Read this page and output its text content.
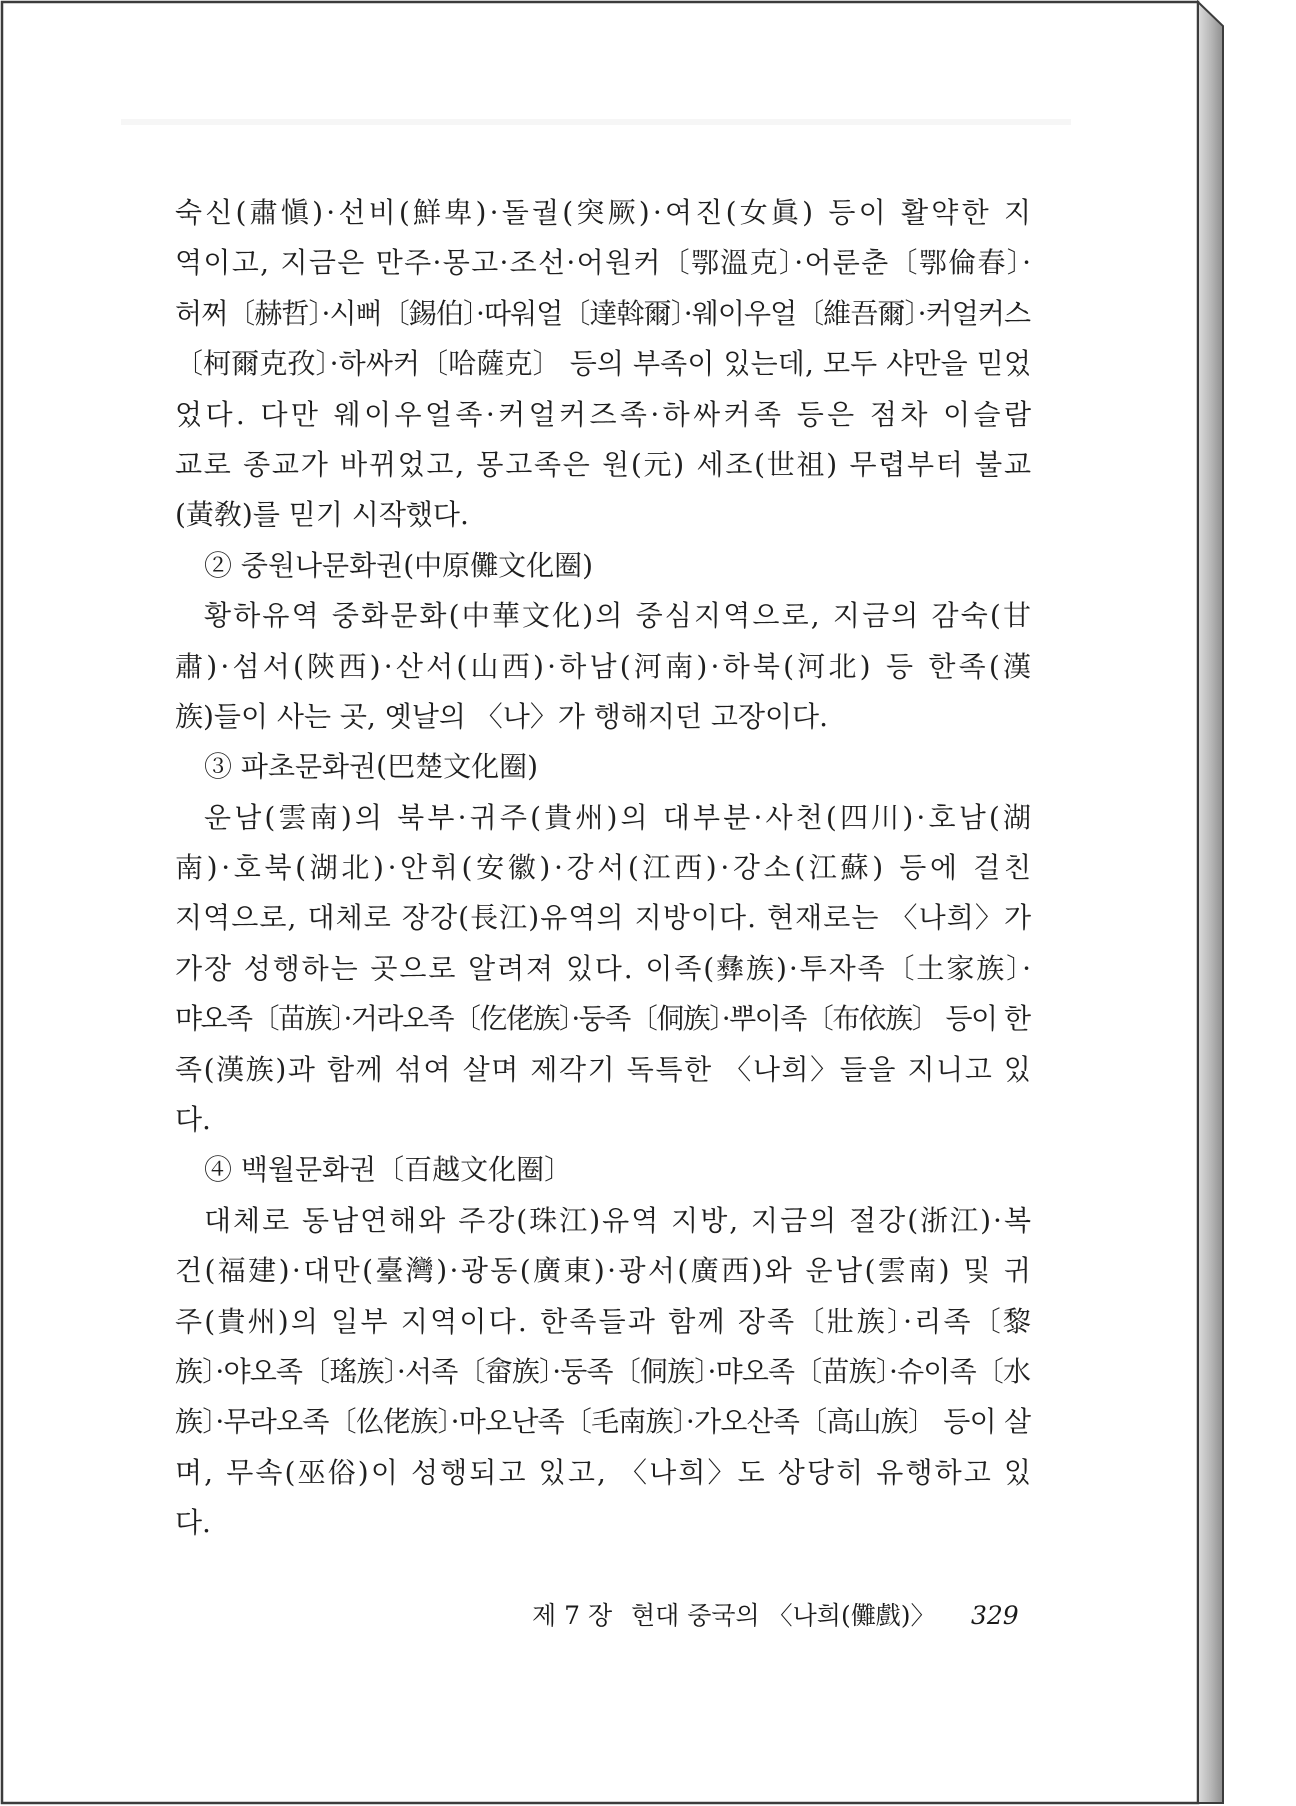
숙신(肅愼)·선비(鮮卑)·돌궐(突厥)·여진(女眞) 등이 활약한 지
역이고, 지금은 만주·몽고·조선·어원커〔鄂溫克〕·어룬춘〔鄂倫春〕·
허쩌〔赫哲〕·시뻐〔錫伯〕·따워얼〔達斡爾〕·웨이우얼〔維吾爾〕·커얼커스
〔柯爾克孜〕·하싸커〔哈薩克〕 등의 부족이 있는데, 모두 샤만을 믿었
었다. 다만 웨이우얼족·커얼커즈족·하싸커족 등은 점차 이슬람
교로 종교가 바뀌었고, 몽고족은 원(元) 세조(世祖) 무렵부터 불교
(黃敎)를 믿기 시작했다.
② 중원나문화권(中原儺文化圈)
황하유역 중화문화(中華文化)의 중심지역으로, 지금의 감숙(甘
肅)·섬서(陝西)·산서(山西)·하남(河南)·하북(河北) 등 한족(漢
族)들이 사는 곳, 옛날의 〈나〉가 행해지던 고장이다.
③ 파초문화권(巴楚文化圈)
운남(雲南)의 북부·귀주(貴州)의 대부분·사천(四川)·호남(湖
南)·호북(湖北)·안휘(安徽)·강서(江西)·강소(江蘇) 등에 걸친
지역으로, 대체로 장강(長江)유역의 지방이다. 현재로는 〈나희〉가
가장 성행하는 곳으로 알려져 있다. 이족(彝族)·투자족〔土家族〕·
먀오족〔苗族〕·거라오족〔仡佬族〕·둥족〔侗族〕·뿌이족〔布依族〕 등이 한
족(漢族)과 함께 섞여 살며 제각기 독특한 〈나희〉들을 지니고 있
다.
④ 백월문화권〔百越文化圈〕
대체로 동남연해와 주강(珠江)유역 지방, 지금의 절강(浙江)·복
건(福建)·대만(臺灣)·광동(廣東)·광서(廣西)와 운남(雲南) 및 귀
주(貴州)의 일부 지역이다. 한족들과 함께 장족〔壯族〕·리족〔黎
族〕·야오족〔瑤族〕·서족〔畲族〕·둥족〔侗族〕·먀오족〔苗族〕·슈이족〔水
族〕·무라오족〔仫佬族〕·마오난족〔毛南族〕·가오산족〔高山族〕 등이 살
며, 무속(巫俗)이 성행되고 있고, 〈나희〉도 상당히 유행하고 있
다.
제 7 장 현대 중국의 〈나희(儺戲)〉 329
